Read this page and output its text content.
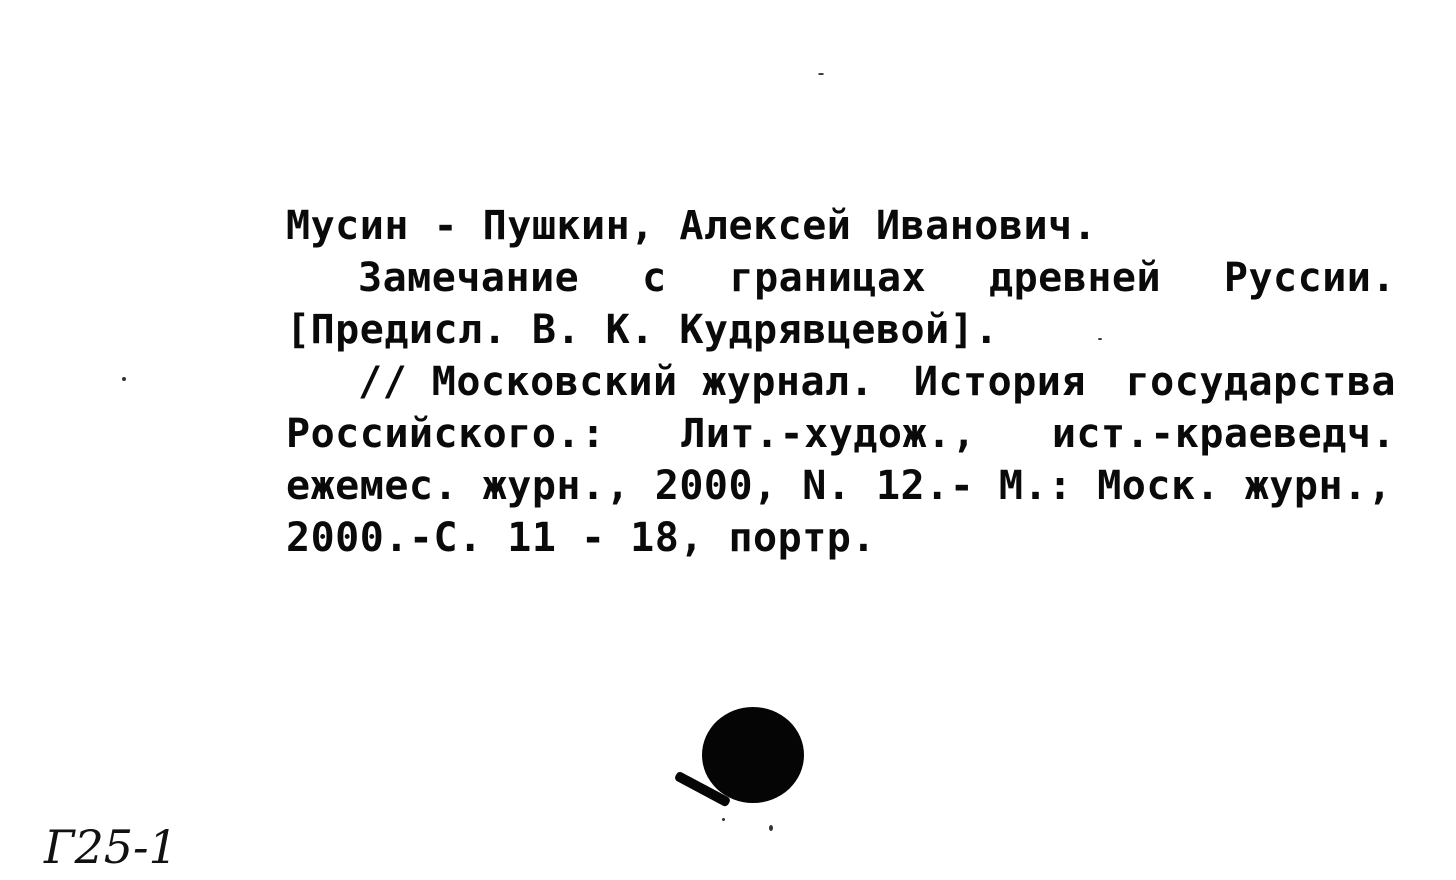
Мусин - Пушкин, Алексей Иванович.
Замечание с границах древней Руссии.
[Предисл. В. К. Кудрявцевой].
// Московский журнал. История государства
Российского.: Лит.-худож., ист.-краеведч.
ежемес. журн., 2000, N. 12.- М.: Моск. журн.,
2000.-С. 11 - 18, портр.
Г25-1
